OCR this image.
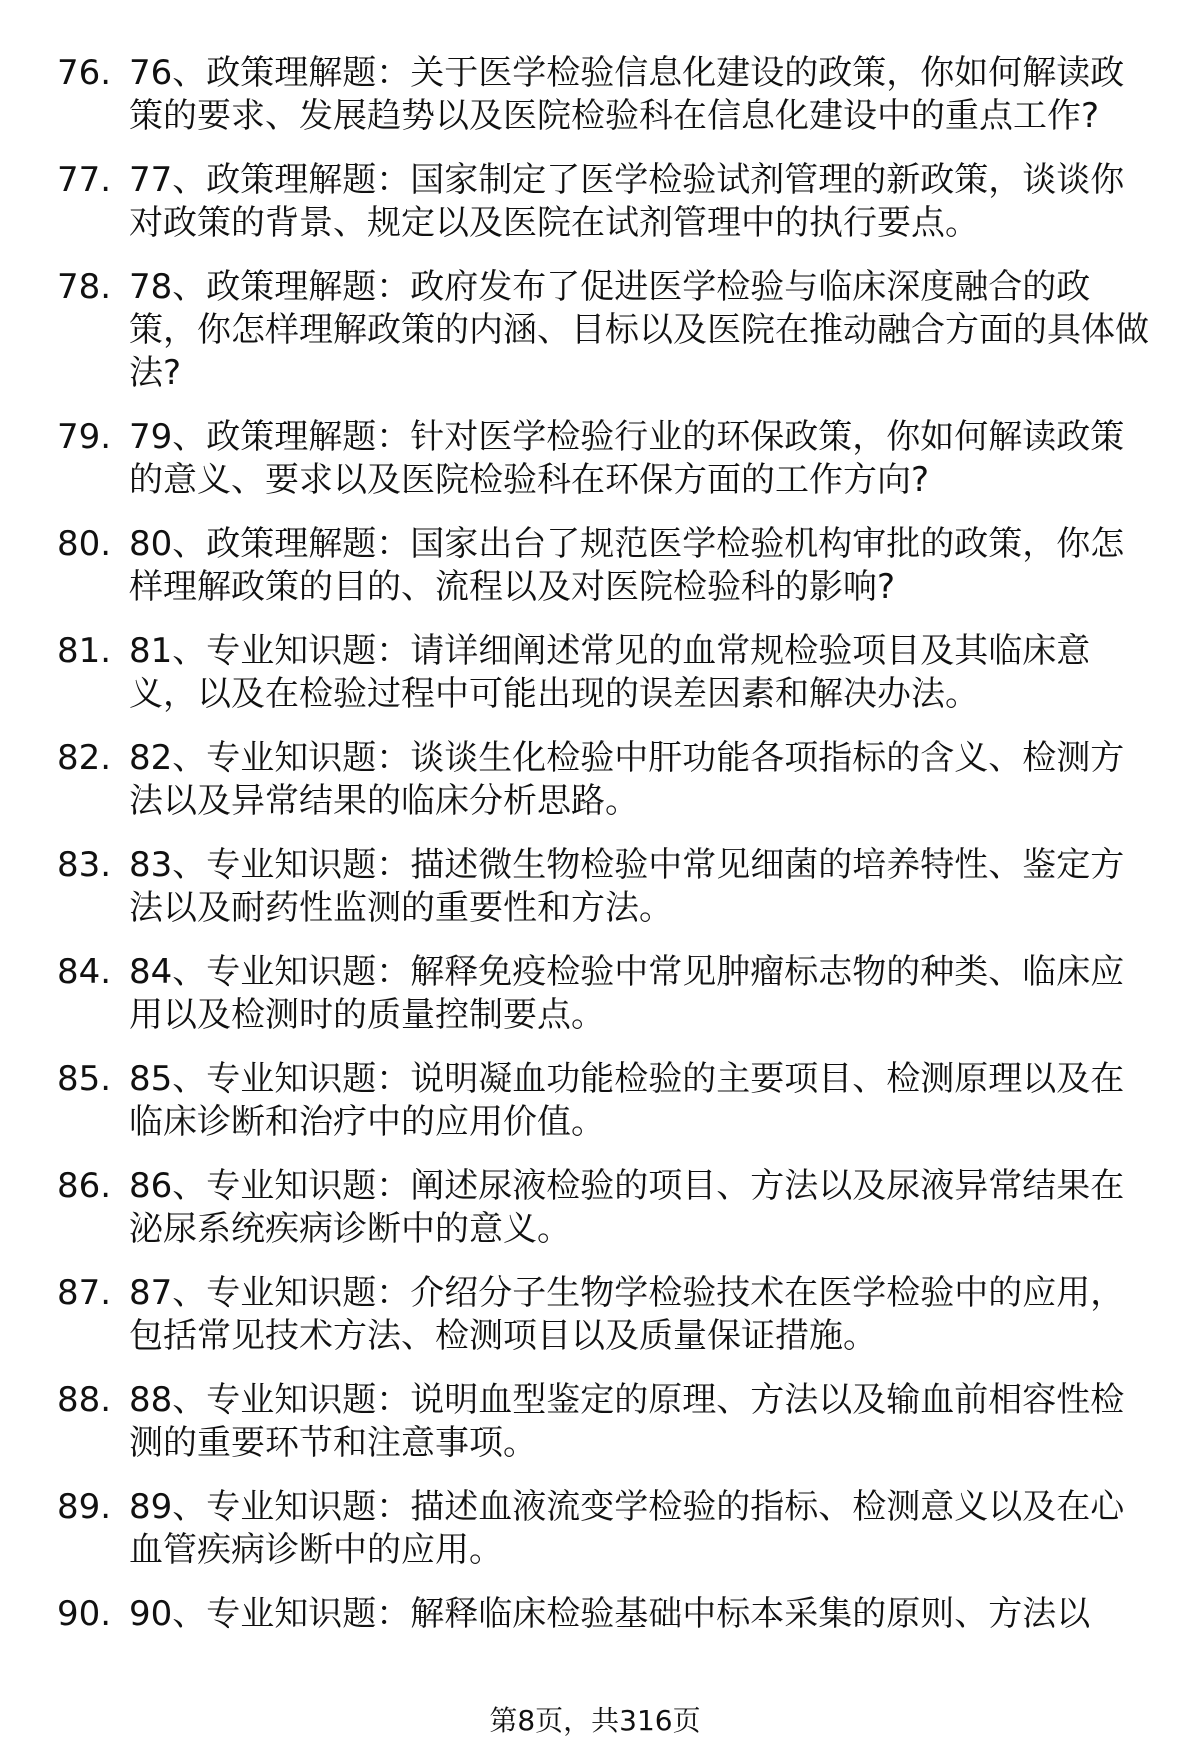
76. 76、政策理解题：关于医学检验信息化建设的政策，你如何解读政策的要求、发展趋势以及医院检验科在信息化建设中的重点工作?
77. 77、政策理解题：国家制定了医学检验试剂管理的新政策，谈谈你对政策的背景、规定以及医院在试剂管理中的执行要点。
78. 78、政策理解题：政府发布了促进医学检验与临床深度融合的政策，你怎样理解政策的内涵、目标以及医院在推动融合方面的具体做法?
79. 79、政策理解题：针对医学检验行业的环保政策，你如何解读政策的意义、要求以及医院检验科在环保方面的工作方向?
80. 80、政策理解题：国家出台了规范医学检验机构审批的政策，你怎样理解政策的目的、流程以及对医院检验科的影响?
81. 81、专业知识题：请详细阐述常见的血常规检验项目及其临床意义，以及在检验过程中可能出现的误差因素和解决办法。
82. 82、专业知识题：谈谈生化检验中肝功能各项指标的含义、检测方法以及异常结果的临床分析思路。
83. 83、专业知识题：描述微生物检验中常见细菌的培养特性、鉴定方法以及耐药性监测的重要性和方法。
84. 84、专业知识题：解释免疫检验中常见肿瘤标志物的种类、临床应用以及检测时的质量控制要点。
85. 85、专业知识题：说明凝血功能检验的主要项目、检测原理以及在临床诊断和治疗中的应用价值。
86. 86、专业知识题：阐述尿液检验的项目、方法以及尿液异常结果在泌尿系统疾病诊断中的意义。
87. 87、专业知识题：介绍分子生物学检验技术在医学检验中的应用，包括常见技术方法、检测项目以及质量保证措施。
88. 88、专业知识题：说明血型鉴定的原理、方法以及输血前相容性检测的重要环节和注意事项。
89. 89、专业知识题：描述血液流变学检验的指标、检测意义以及在心血管疾病诊断中的应用。
90. 90、专业知识题：解释临床检验基础中标本采集的原则、方法以
第8页，共316页
